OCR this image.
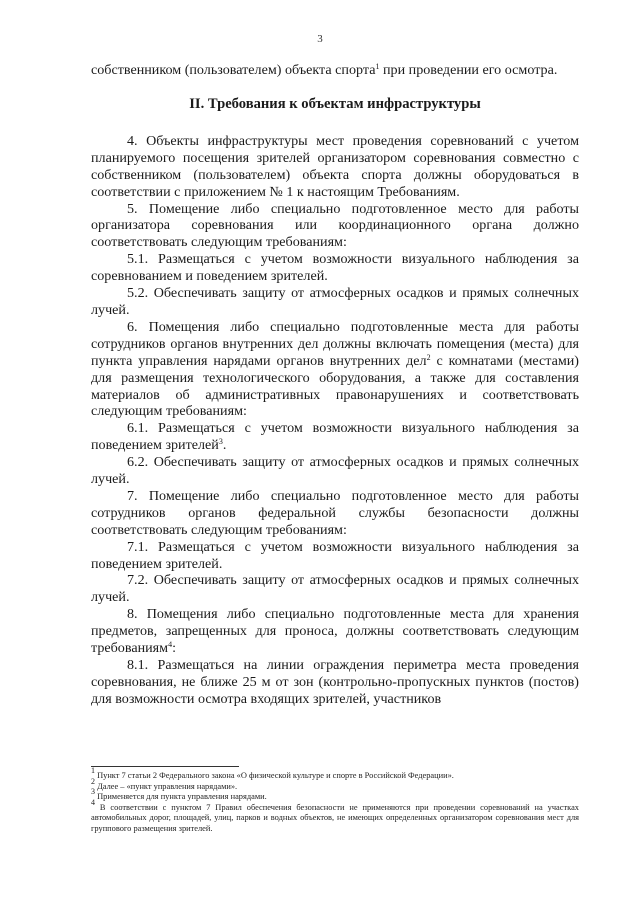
3

собственником (пользователем) объекта спорта$^1$ при проведении его осмотра.

II. Требования к объектам инфраструктуры

4. Объекты инфраструктуры мест проведения соревнований с учетом планируемого посещения зрителей организатором соревнования совместно с собственником (пользователем) объекта спорта должны оборудоваться в соответствии с приложением № 1 к настоящим Требованиям.

5. Помещение либо специально подготовленное место для работы организатора соревнования или координационного органа должно соответствовать следующим требованиям:

5.1. Размещаться с учетом возможности визуального наблюдения за соревнованием и поведением зрителей.

5.2. Обеспечивать защиту от атмосферных осадков и прямых солнечных лучей.

6. Помещения либо специально подготовленные места для работы сотрудников органов внутренних дел должны включать помещения (места) для пункта управления нарядами органов внутренних дел$^2$ с комнатами (местами) для размещения технологического оборудования, а также для составления материалов об административных правонарушениях и соответствовать следующим требованиям:

6.1. Размещаться с учетом возможности визуального наблюдения за поведением зрителей$^3$.

6.2. Обеспечивать защиту от атмосферных осадков и прямых солнечных лучей.

7. Помещение либо специально подготовленное место для работы сотрудников органов федеральной службы безопасности должны соответствовать следующим требованиям:

7.1. Размещаться с учетом возможности визуального наблюдения за поведением зрителей.

7.2. Обеспечивать защиту от атмосферных осадков и прямых солнечных лучей.

8. Помещения либо специально подготовленные места для хранения предметов, запрещенных для проноса, должны соответствовать следующим требованиям$^4$:

8.1. Размещаться на линии ограждения периметра места проведения соревнования, не ближе 25 м от зон (контрольно-пропускных пунктов (постов) для возможности осмотра входящих зрителей, участников

$^1$ Пункт 7 статьи 2 Федерального закона «О физической культуре и спорте в Российской Федерации».

$^2$ Далее – «пункт управления нарядами».

$^3$ Применяется для пункта управления нарядами.

$^4$ В соответствии с пунктом 7 Правил обеспечения безопасности не применяются при проведении соревнований на участках автомобильных дорог, площадей, улиц, парков и водных объектов, не имеющих определенных организатором соревнования мест для группового размещения зрителей.
